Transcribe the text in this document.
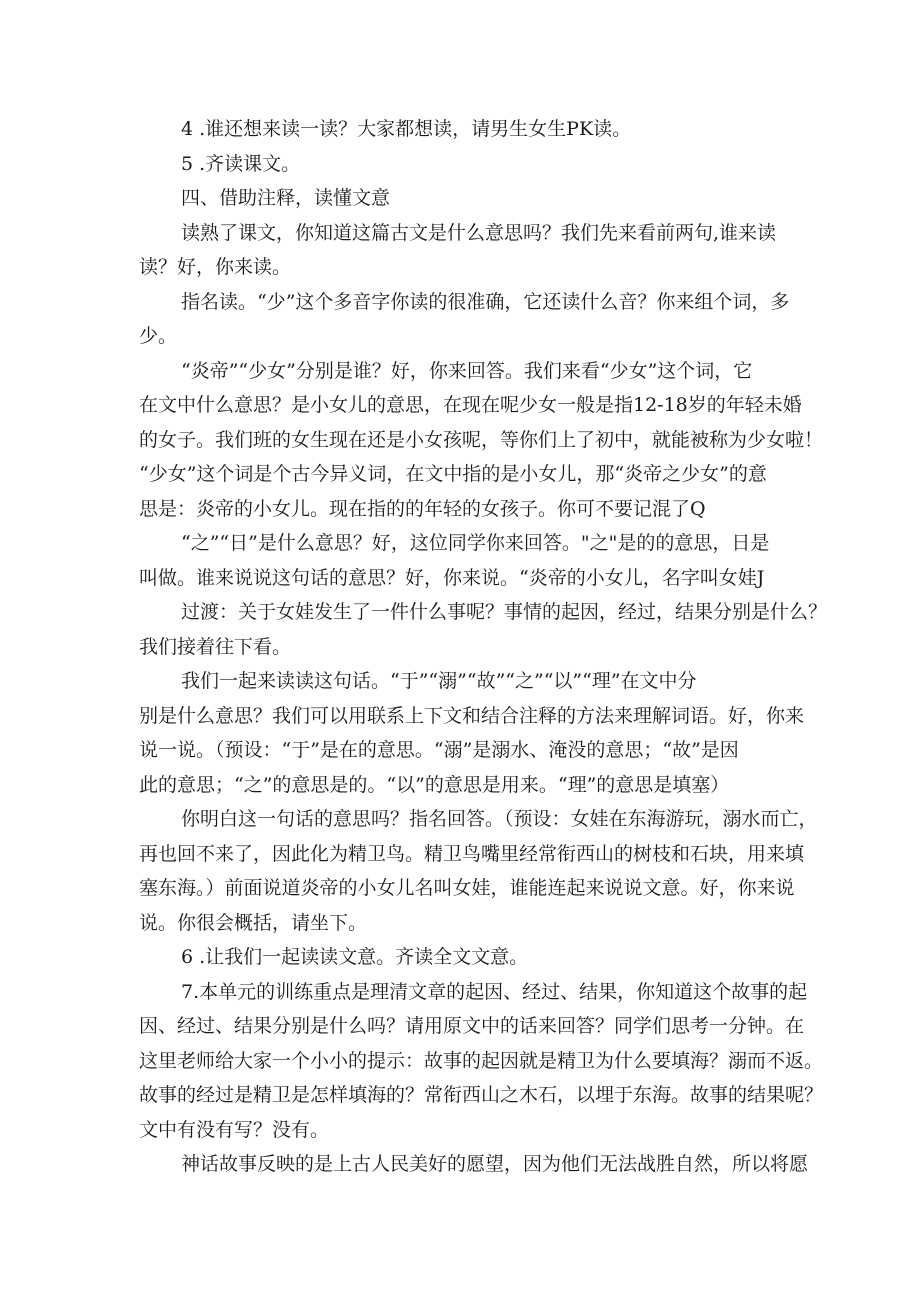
4 .谁还想来读一读？大家都想读，请男生女生PK读。
5 .齐读课文。
四、借助注释，读懂文意
读熟了课文，你知道这篇古文是什么意思吗？我们先来看前两句,谁来读
读？好，你来读。
指名读。“少”这个多音字你读的很准确，它还读什么音？你来组个词，多
少。
“炎帝”“少女”分别是谁？好，你来回答。我们来看“少女”这个词，它
在文中什么意思？是小女儿的意思，在现在呢少女一般是指12-18岁的年轻未婚
的女子。我们班的女生现在还是小女孩呢，等你们上了初中，就能被称为少女啦！
“少女”这个词是个古今异义词，在文中指的是小女儿，那“炎帝之少女”的意
思是：炎帝的小女儿。现在指的的年轻的女孩子。你可不要记混了Q
“之”“日”是什么意思？好，这位同学你来回答。"之"是的的意思，日是
叫做。谁来说说这句话的意思？好，你来说。“炎帝的小女儿，名字叫女娃J
过渡：关于女娃发生了一件什么事呢？事情的起因，经过，结果分别是什么？
我们接着往下看。
我们一起来读读这句话。“于”“溺”“故”“之”“以”“理”在文中分
别是什么意思？我们可以用联系上下文和结合注释的方法来理解词语。好，你来
说一说。（预设：“于”是在的意思。“溺”是溺水、淹没的意思；“故”是因
此的意思；“之”的意思是的。“以”的意思是用来。“理”的意思是填塞）
你明白这一句话的意思吗？指名回答。（预设：女娃在东海游玩，溺水而亡，
再也回不来了，因此化为精卫鸟。精卫鸟嘴里经常衔西山的树枝和石块，用来填
塞东海。）前面说道炎帝的小女儿名叫女娃，谁能连起来说说文意。好，你来说
说。你很会概括，请坐下。
6 .让我们一起读读文意。齐读全文文意。
7.本单元的训练重点是理清文章的起因、经过、结果，你知道这个故事的起
因、经过、结果分别是什么吗？请用原文中的话来回答？同学们思考一分钟。在
这里老师给大家一个小小的提示：故事的起因就是精卫为什么要填海？溺而不返。
故事的经过是精卫是怎样填海的？常衔西山之木石，以埋于东海。故事的结果呢？
文中有没有写？没有。
神话故事反映的是上古人民美好的愿望，因为他们无法战胜自然，所以将愿
